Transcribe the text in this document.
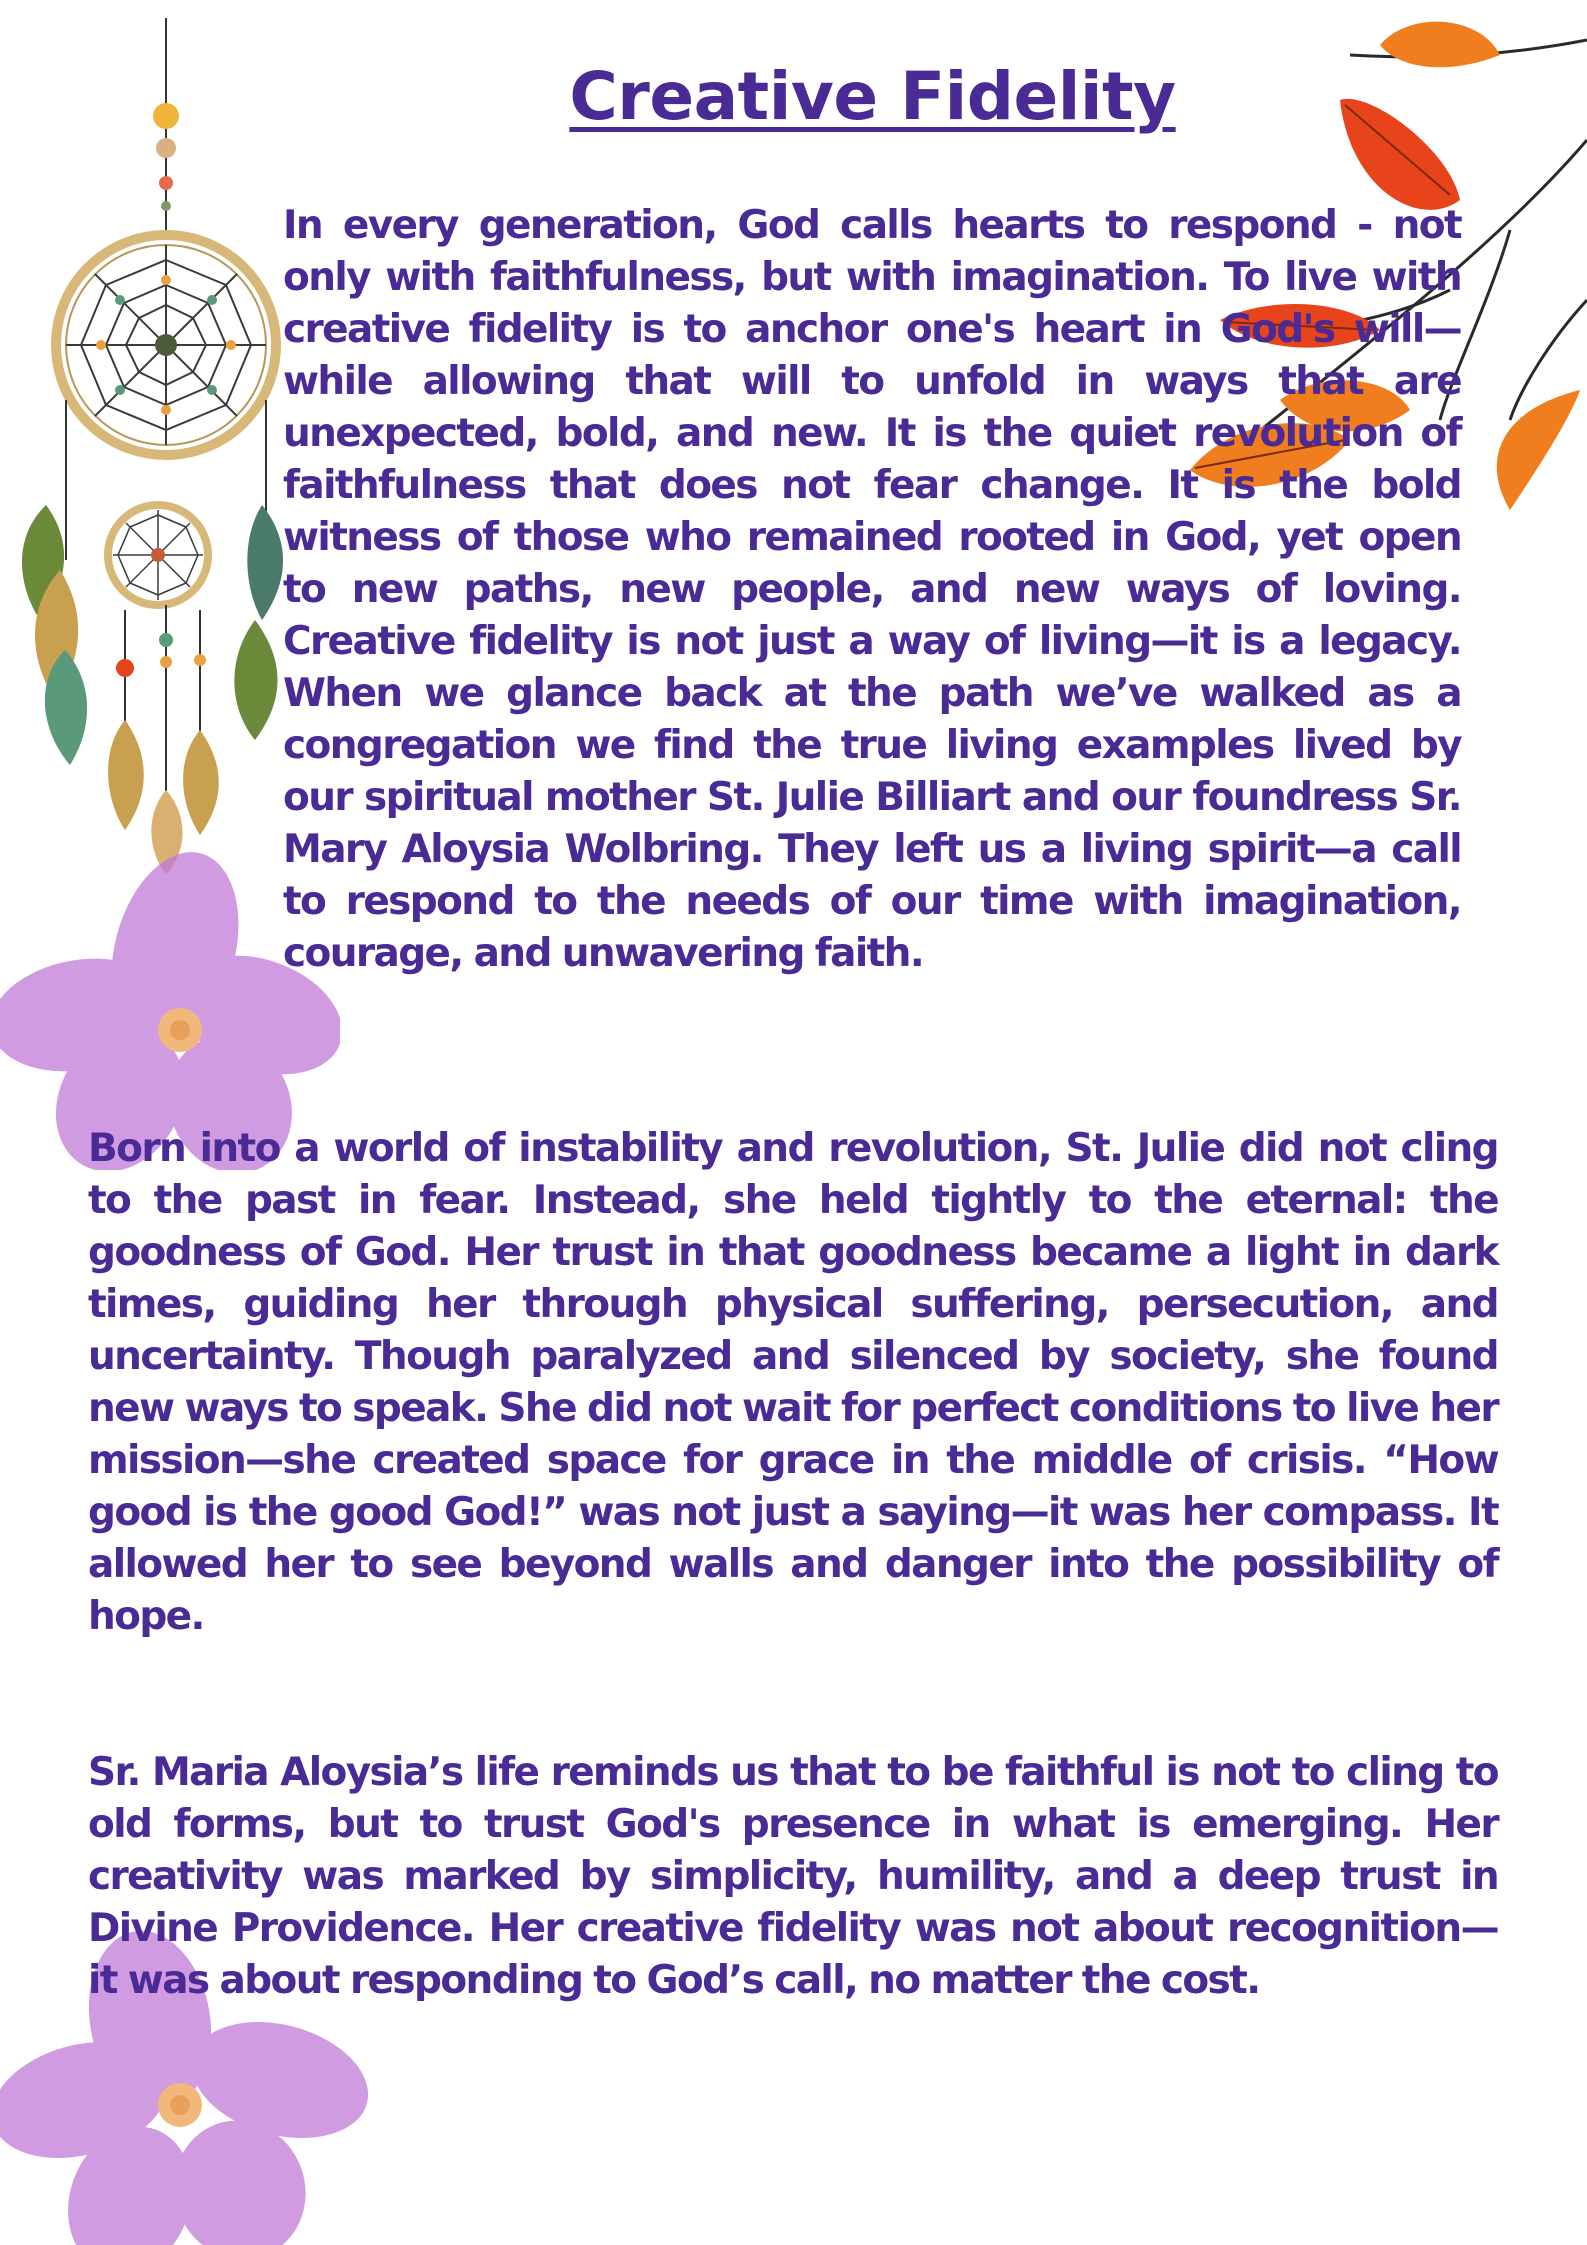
Creative Fidelity

In every generation, God calls hearts to respond - not only with faithfulness, but with imagination. To live with creative fidelity is to anchor one's heart in God's will—while allowing that will to unfold in ways that are unexpected, bold, and new. It is the quiet revolution of faithfulness that does not fear change. It is the bold witness of those who remained rooted in God, yet open to new paths, new people, and new ways of loving. Creative fidelity is not just a way of living—it is a legacy. When we glance back at the path we’ve walked as a congregation we find the true living examples lived by our spiritual mother St. Julie Billiart and our foundress Sr. Mary Aloysia Wolbring. They left us a living spirit—a call to respond to the needs of our time with imagination, courage, and unwavering faith.

Born into a world of instability and revolution, St. Julie did not cling to the past in fear. Instead, she held tightly to the eternal: the goodness of God. Her trust in that goodness became a light in dark times, guiding her through physical suffering, persecution, and uncertainty. Though paralyzed and silenced by society, she found new ways to speak. She did not wait for perfect conditions to live her mission—she created space for grace in the middle of crisis. “How good is the good God!” was not just a saying—it was her compass. It allowed her to see beyond walls and danger into the possibility of hope.

Sr. Maria Aloysia’s life reminds us that to be faithful is not to cling to old forms, but to trust God's presence in what is emerging. Her creativity was marked by simplicity, humility, and a deep trust in Divine Providence. Her creative fidelity was not about recognition—it was about responding to God’s call, no matter the cost.
